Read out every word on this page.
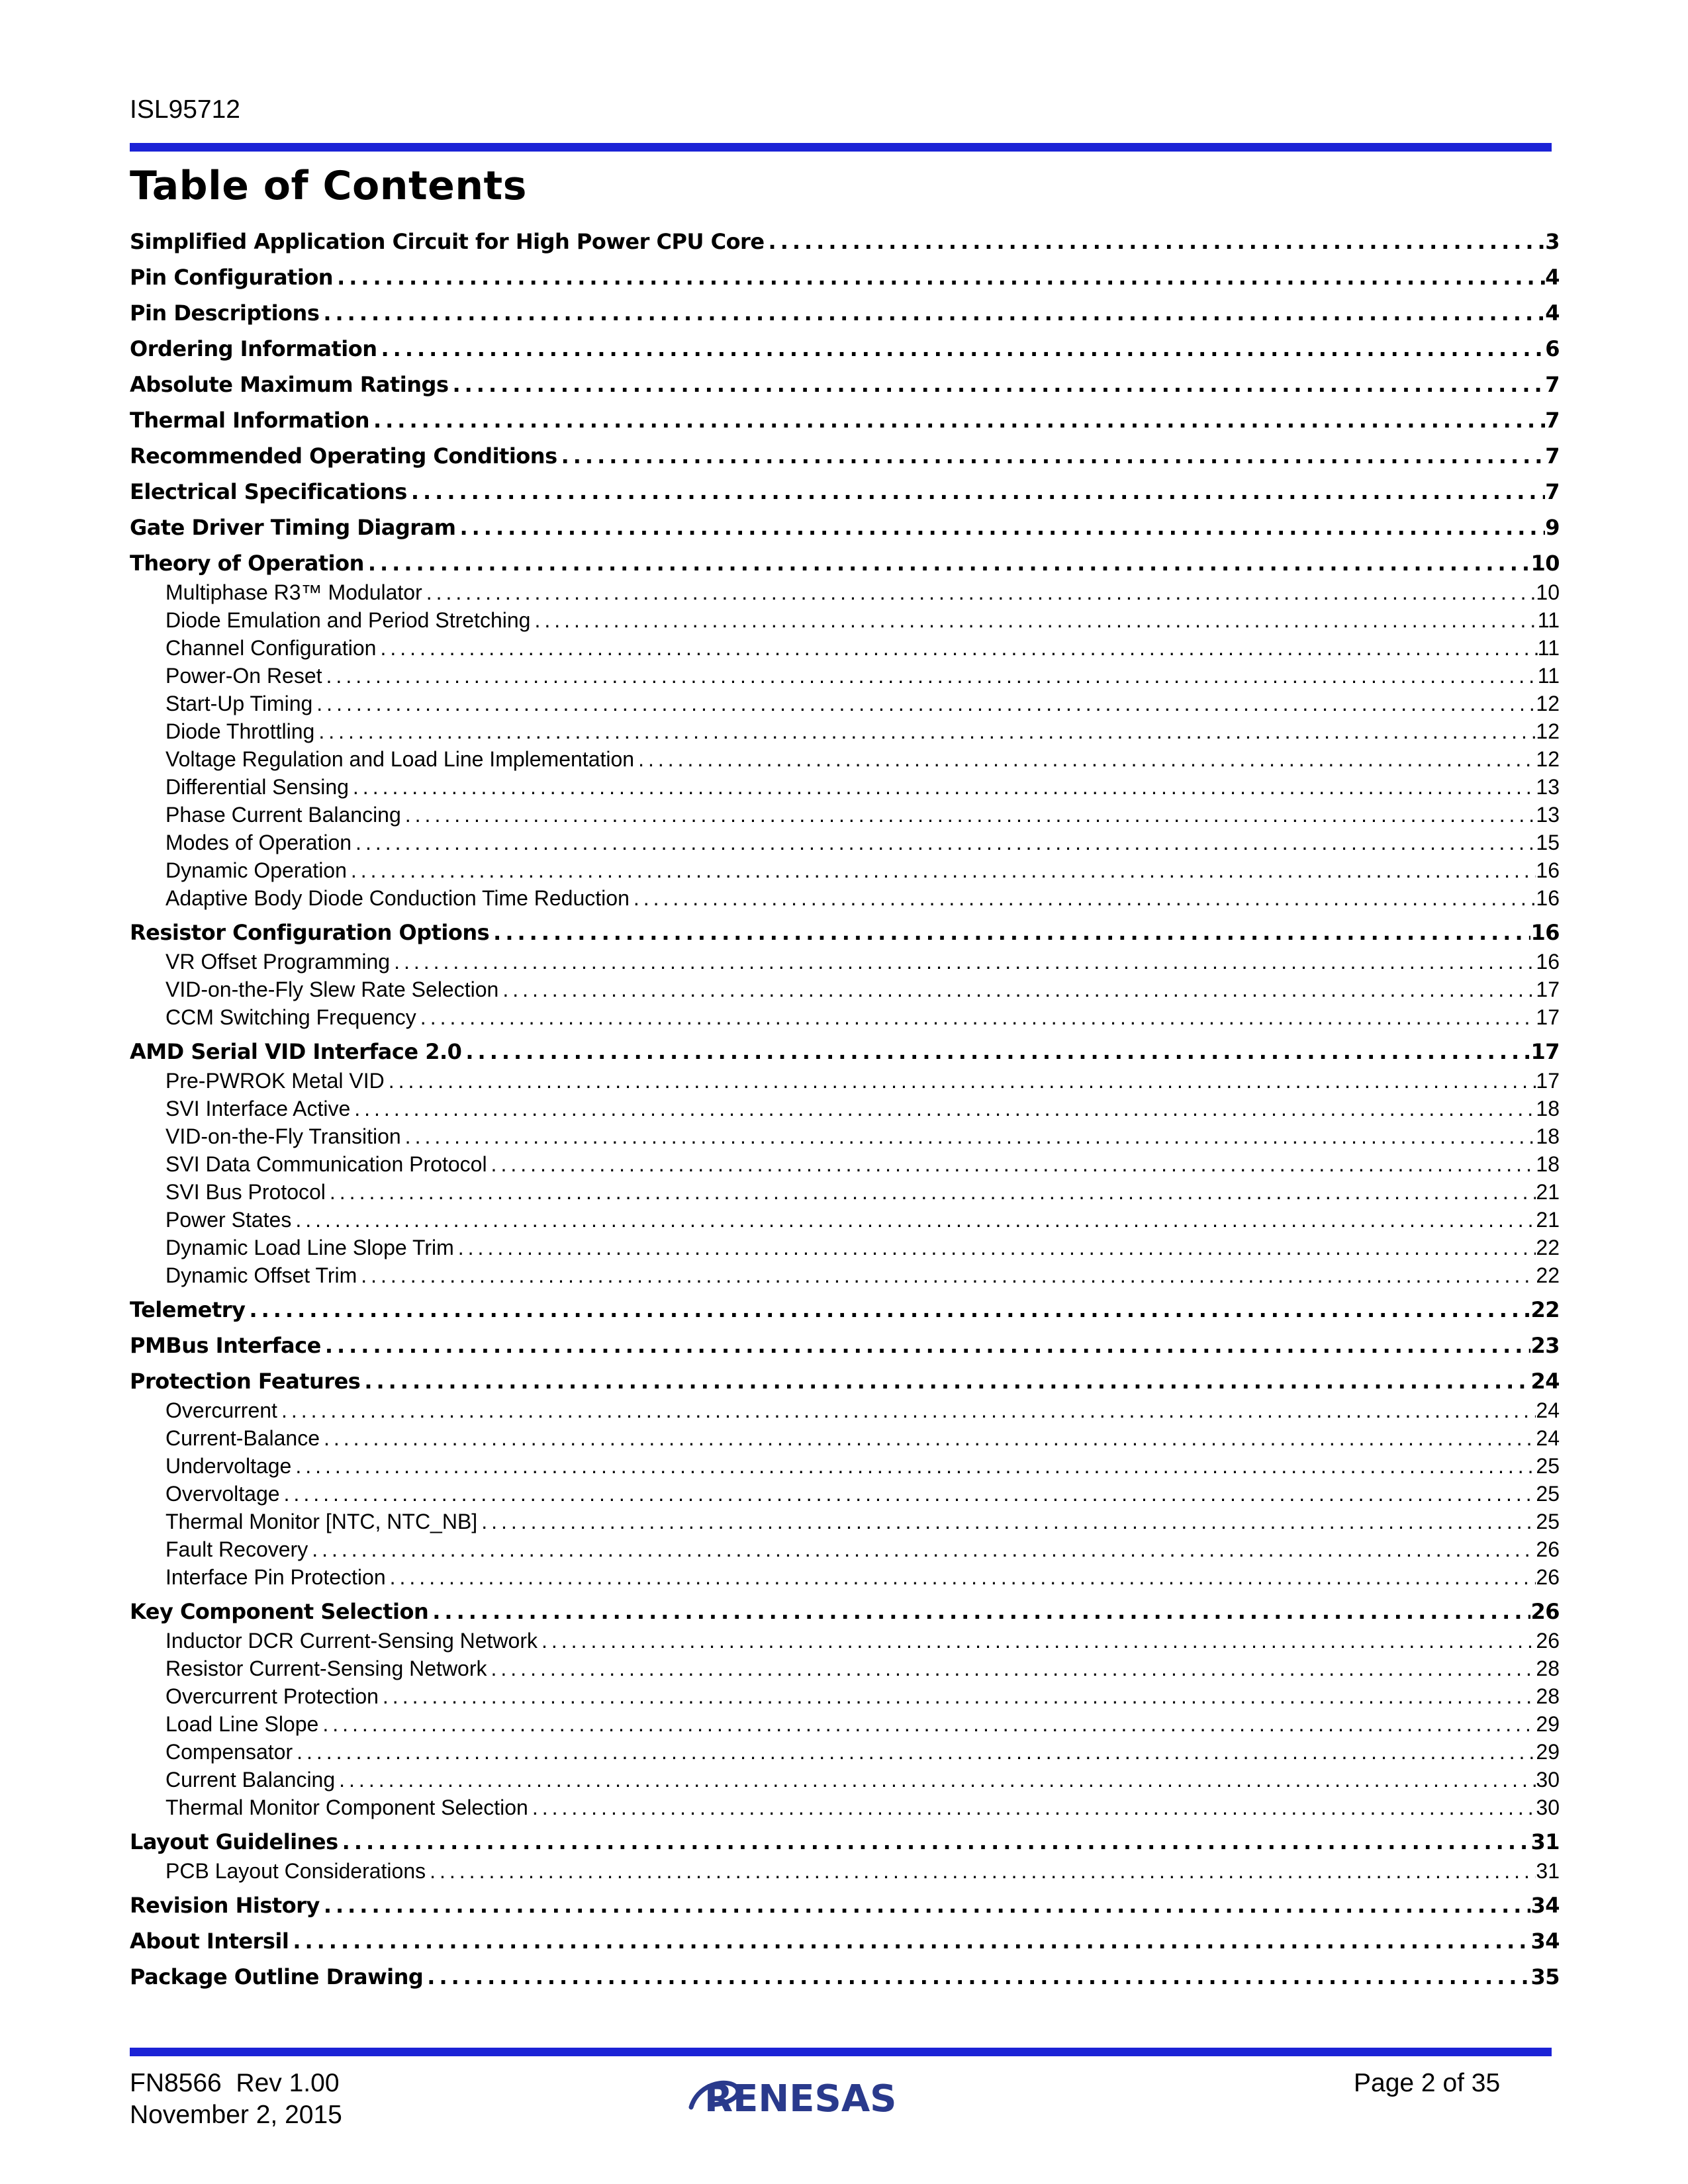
ISL95712
Table of Contents
Simplified Application Circuit for High Power CPU Core .....	3
Pin Configuration .....	4
Pin Descriptions .....	4
Ordering Information .....	6
Absolute Maximum Ratings .....	7
Thermal Information .....	7
Recommended Operating Conditions .....	7
Electrical Specifications .....	7
Gate Driver Timing Diagram .....	9
Theory of Operation .....	10
Multiphase R3™ Modulator .....	10
Diode Emulation and Period Stretching .....	11
Channel Configuration .....	11
Power-On Reset .....	11
Start-Up Timing .....	12
Diode Throttling .....	12
Voltage Regulation and Load Line Implementation .....	12
Differential Sensing .....	13
Phase Current Balancing .....	13
Modes of Operation .....	15
Dynamic Operation .....	16
Adaptive Body Diode Conduction Time Reduction .....	16
Resistor Configuration Options .....	16
VR Offset Programming .....	16
VID-on-the-Fly Slew Rate Selection .....	17
CCM Switching Frequency .....	17
AMD Serial VID Interface 2.0 .....	17
Pre-PWROK Metal VID .....	17
SVI Interface Active .....	18
VID-on-the-Fly Transition .....	18
SVI Data Communication Protocol .....	18
SVI Bus Protocol .....	21
Power States .....	21
Dynamic Load Line Slope Trim .....	22
Dynamic Offset Trim .....	22
Telemetry .....	22
PMBus Interface .....	23
Protection Features .....	24
Overcurrent .....	24
Current-Balance .....	24
Undervoltage .....	25
Overvoltage .....	25
Thermal Monitor [NTC, NTC_NB] .....	25
Fault Recovery .....	26
Interface Pin Protection .....	26
Key Component Selection .....	26
Inductor DCR Current-Sensing Network .....	26
Resistor Current-Sensing Network .....	28
Overcurrent Protection .....	28
Load Line Slope .....	29
Compensator .....	29
Current Balancing .....	30
Thermal Monitor Component Selection .....	30
Layout Guidelines .....	31
PCB Layout Considerations .....	31
Revision History .....	34
About Intersil .....	34
Package Outline Drawing .....	35
FN8566  Rev 1.00
November 2, 2015	RENESAS	Page 2 of 35
